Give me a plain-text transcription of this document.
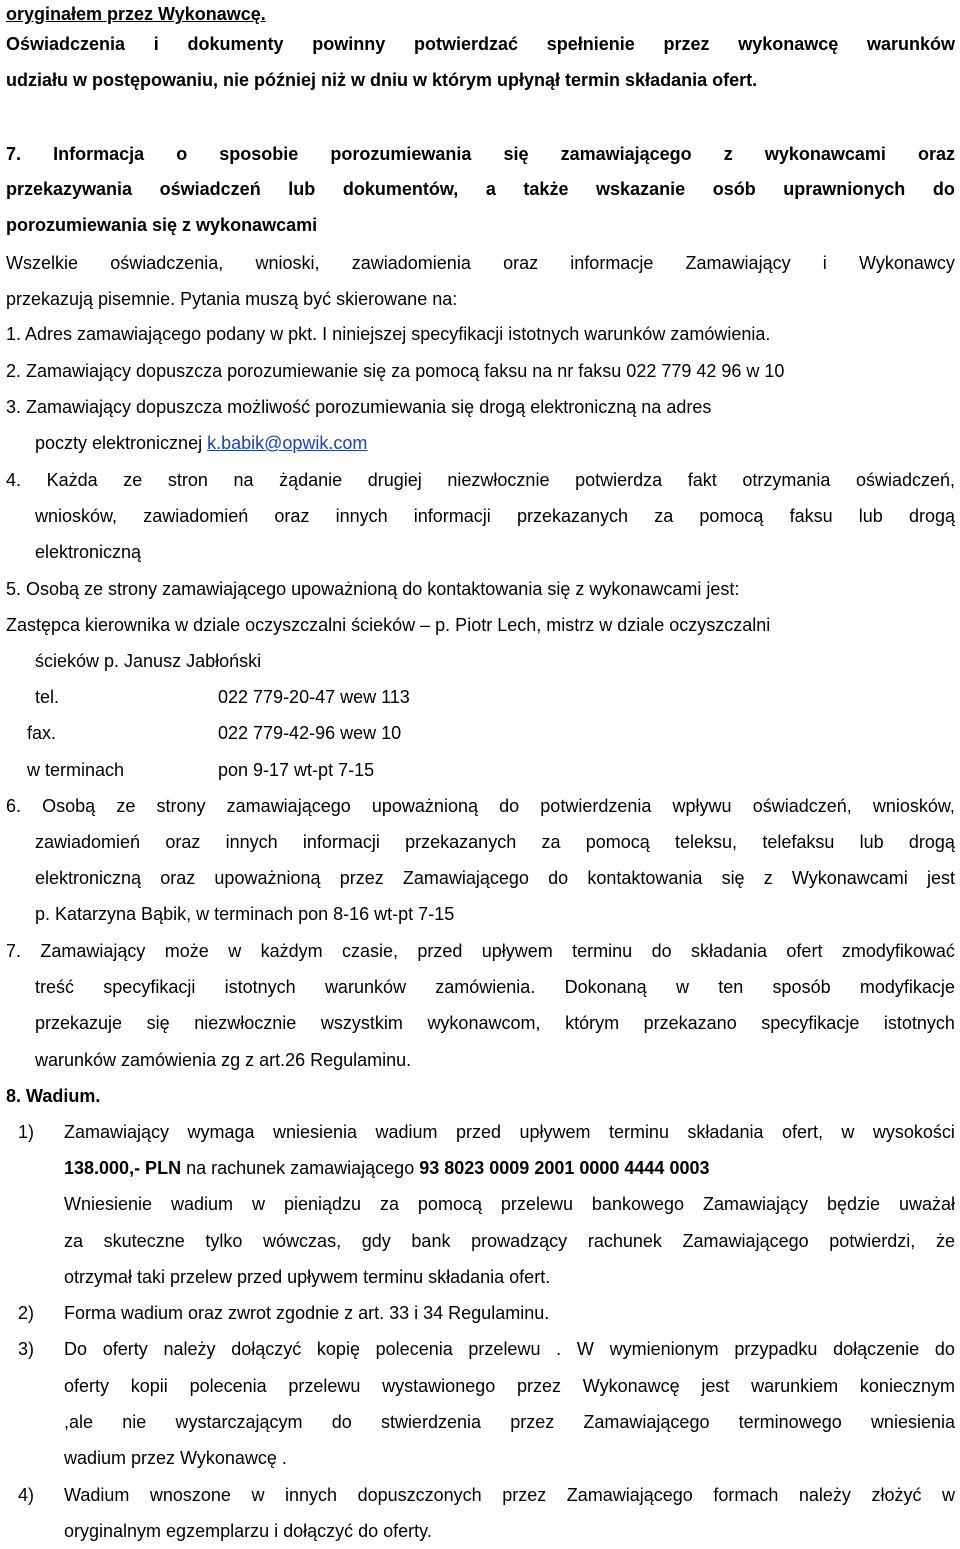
oryginałem przez Wykonawcę.

Oświadczenia i dokumenty powinny potwierdzać spełnienie przez wykonawcę warunków

udziału w postępowaniu, nie później niż w dniu w którym upłynął termin składania ofert.

7. Informacja o sposobie porozumiewania się zamawiającego z wykonawcami oraz

przekazywania oświadczeń lub dokumentów, a także wskazanie osób uprawnionych do

porozumiewania się z wykonawcami

Wszelkie oświadczenia, wnioski, zawiadomienia oraz informacje Zamawiający i Wykonawcy

przekazują pisemnie. Pytania muszą być skierowane na:

1. Adres zamawiającego podany w pkt. I niniejszej specyfikacji istotnych warunków zamówienia.

2. Zamawiający dopuszcza porozumiewanie się za pomocą faksu na nr faksu 022 779 42 96 w 10

3. Zamawiający dopuszcza możliwość porozumiewania się drogą elektroniczną na adres

poczty elektronicznej k.babik@opwik.com

4. Każda ze stron na żądanie drugiej niezwłocznie potwierdza fakt otrzymania oświadczeń,

wniosków, zawiadomień oraz innych informacji przekazanych za pomocą faksu lub drogą

elektroniczną

5. Osobą ze strony zamawiającego upoważnioną do kontaktowania się z wykonawcami jest:

Zastępca kierownika w dziale oczyszczalni ścieków – p. Piotr Lech, mistrz w dziale oczyszczalni

ścieków p. Janusz Jabłoński

tel.	022 779-20-47 wew 113

fax.	022 779-42-96 wew 10

w terminach	pon 9-17 wt-pt 7-15

6. Osobą ze strony zamawiającego upoważnioną do potwierdzenia wpływu oświadczeń, wniosków,

zawiadomień oraz innych informacji przekazanych za pomocą teleksu, telefaksu lub drogą

elektroniczną oraz upoważnioną przez Zamawiającego do kontaktowania się z Wykonawcami jest

p. Katarzyna Bąbik, w terminach pon 8-16 wt-pt 7-15

7. Zamawiający może w każdym czasie, przed upływem terminu do składania ofert zmodyfikować

treść specyfikacji istotnych warunków zamówienia. Dokonaną w ten sposób modyfikacje

przekazuje się niezwłocznie wszystkim wykonawcom, którym przekazano specyfikacje istotnych

warunków zamówienia zg z art.26 Regulaminu.

8. Wadium.

1) Zamawiający wymaga wniesienia wadium przed upływem terminu składania ofert, w wysokości

138.000,- PLN na rachunek zamawiającego 93 8023 0009 2001 0000 4444 0003

Wniesienie wadium w pieniądzu za pomocą przelewu bankowego Zamawiający będzie uważał

za skuteczne tylko wówczas, gdy bank prowadzący rachunek Zamawiającego potwierdzi, że

otrzymał taki przelew przed upływem terminu składania ofert.

2) Forma wadium oraz zwrot zgodnie z art. 33 i 34 Regulaminu.

3) Do oferty należy dołączyć kopię polecenia przelewu . W wymienionym przypadku dołączenie do

oferty kopii polecenia przelewu wystawionego przez Wykonawcę jest warunkiem koniecznym

,ale nie wystarczającym do stwierdzenia przez Zamawiającego terminowego wniesienia

wadium przez Wykonawcę .

4) Wadium wnoszone w innych dopuszczonych przez Zamawiającego formach należy złożyć w

oryginalnym egzemplarzu i dołączyć do oferty.
